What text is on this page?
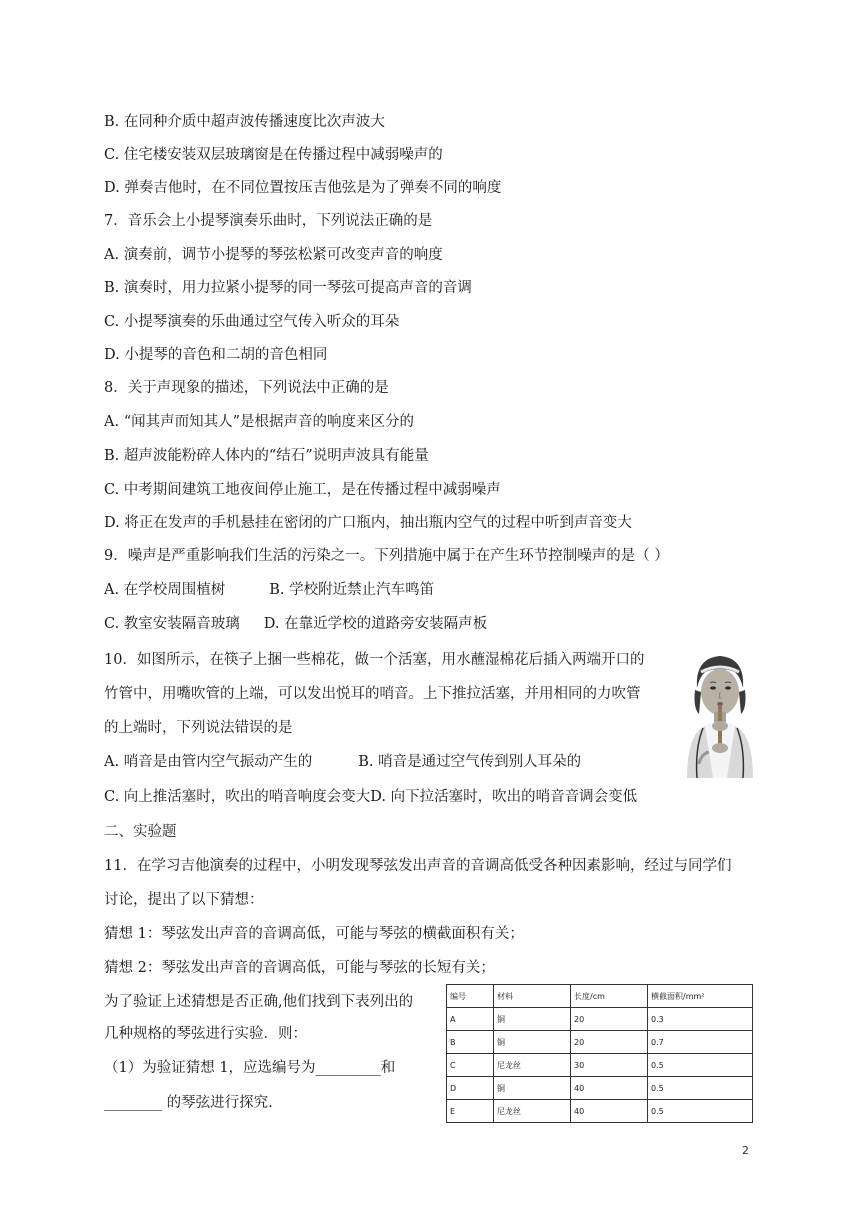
B. 在同种介质中超声波传播速度比次声波大
C. 住宅楼安装双层玻璃窗是在传播过程中减弱噪声的
D. 弹奏吉他时，在不同位置按压吉他弦是为了弹奏不同的响度
7．音乐会上小提琴演奏乐曲时，下列说法正确的是
A. 演奏前，调节小提琴的琴弦松紧可改变声音的响度
B. 演奏时，用力拉紧小提琴的同一琴弦可提高声音的音调
C. 小提琴演奏的乐曲通过空气传入听众的耳朵
D. 小提琴的音色和二胡的音色相同
8．关于声现象的描述，下列说法中正确的是
A. “闻其声而知其人”是根据声音的响度来区分的
B. 超声波能粉碎人体内的“结石”说明声波具有能量
C. 中考期间建筑工地夜间停止施工，是在传播过程中减弱噪声
D. 将正在发声的手机悬挂在密闭的广口瓶内，抽出瓶内空气的过程中听到声音变大
9．噪声是严重影响我们生活的污染之一。下列措施中属于在产生环节控制噪声的是（ ）
A. 在学校周围植树	B. 学校附近禁止汽车鸣笛
C. 教室安装隔音玻璃 D. 在靠近学校的道路旁安装隔声板
10．如图所示，在筷子上捆一些棉花，做一个活塞，用水蘸湿棉花后插入两端开口的
竹管中，用嘴吹管的上端，可以发出悦耳的哨音。上下推拉活塞，并用相同的力吹管
的上端时，下列说法错误的是
A. 哨音是由管内空气振动产生的	B. 哨音是通过空气传到别人耳朵的
C. 向上推活塞时，吹出的哨音响度会变大D. 向下拉活塞时，吹出的哨音音调会变低
二、实验题
11．在学习吉他演奏的过程中，小明发现琴弦发出声音的音调高低受各种因素影响，经过与同学们
讨论，提出了以下猜想：
猜想 1：琴弦发出声音的音调高低，可能与琴弦的横截面积有关；
猜想 2：琴弦发出声音的音调高低，可能与琴弦的长短有关；
为了验证上述猜想是否正确,他们找到下表列出的
几种规格的琴弦进行实验．则：
（1）为验证猜想 1，应选编号为_________和
________ 的琴弦进行探究.
编号	材料	长度/cm	横截面积/mm²
A	铜	20	0.3
B	铜	20	0.7
C	尼龙丝	30	0.5
D	铜	40	0.5
E	尼龙丝	40	0.5
2
